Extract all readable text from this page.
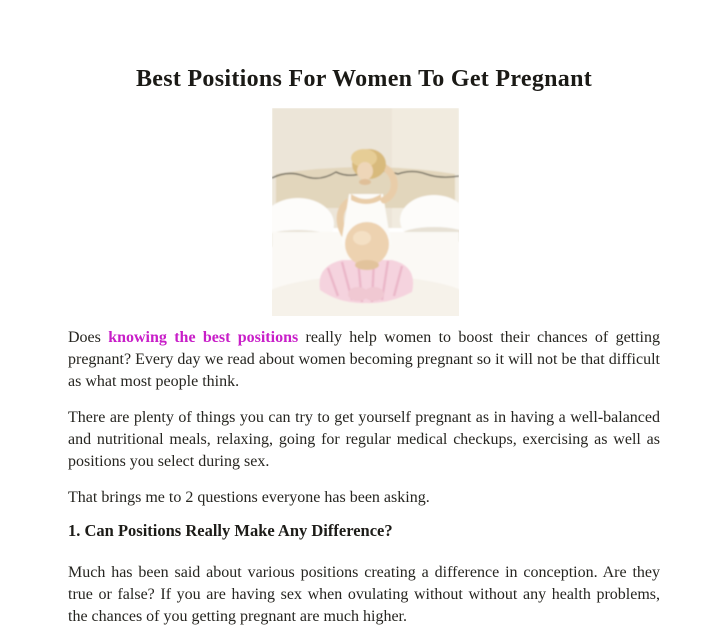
Best Positions For Women To Get Pregnant

Does knowing the best positions really help women to boost their chances of getting pregnant? Every day we read about women becoming pregnant so it will not be that difficult as what most people think.

There are plenty of things you can try to get yourself pregnant as in having a well-balanced and nutritional meals, relaxing, going for regular medical checkups, exercising as well as positions you select during sex.

That brings me to 2 questions everyone has been asking.

1. Can Positions Really Make Any Difference?

Much has been said about various positions creating a difference in conception. Are they true or false? If you are having sex when ovulating without without any health problems, the chances of you getting pregnant are much higher.
